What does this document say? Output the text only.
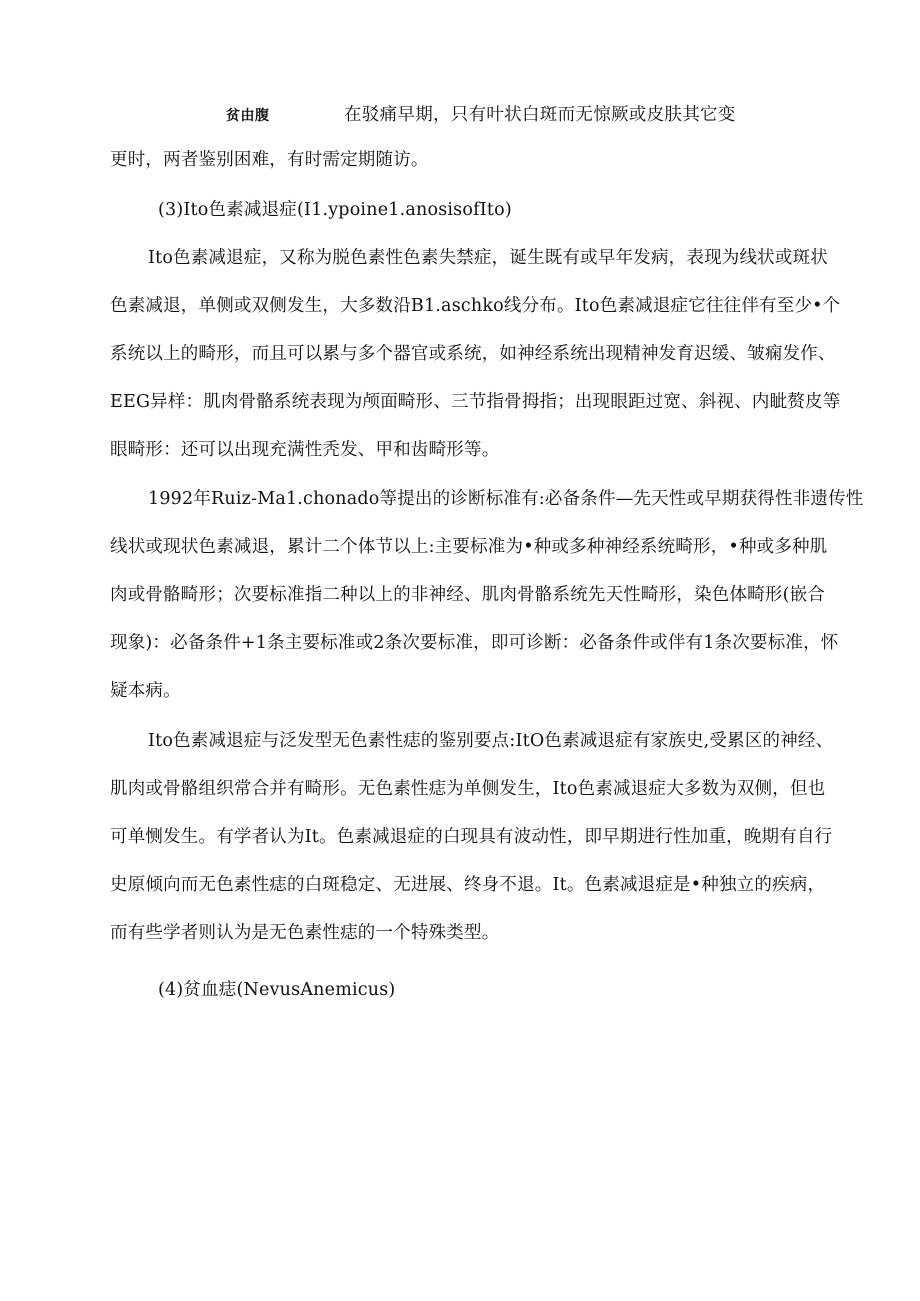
贫由腹	在驳痛早期，只有叶状白斑而无惊厥或皮肤其它变
更时，两者鉴别困难，有时需定期随访。
(3)Ito色素减退症(I1.ypoine1.anosisofIto)
Ito色素减退症，又称为脱色素性色素失禁症，诞生既有或早年发病，表现为线状或斑状
色素减退，单侧或双侧发生，大多数沿B1.aschko线分布。Ito色素减退症它往往伴有至少•个
系统以上的畸形，而且可以累与多个器官或系统，如神经系统出现精神发育迟缓、皱痫发作、
EEG异样：肌肉骨骼系统表现为颅面畸形、三节指骨拇指；出现眼距过宽、斜视、内眦赘皮等
眼畸形：还可以出现充满性秃发、甲和齿畸形等。
1992年Ruiz-Ma1.chonado等提出的诊断标准有:必备条件—先天性或早期获得性非遗传性
线状或现状色素减退，累计二个体节以上:主要标准为•种或多种神经系统畸形，•种或多种肌
肉或骨骼畸形；次要标准指二种以上的非神经、肌肉骨骼系统先天性畸形，染色体畸形(嵌合
现象)：必备条件+1条主要标准或2条次要标准，即可诊断：必备条件或伴有1条次要标准，怀
疑本病。
Ito色素减退症与泛发型无色素性痣的鉴别要点:ItO色素减退症有家族史,受累区的神经、
肌肉或骨骼组织常合并有畸形。无色素性痣为单侧发生，Ito色素减退症大多数为双侧，但也
可单恻发生。有学者认为It。色素减退症的白现具有波动性，即早期进行性加重，晚期有自行
史原倾向而无色素性痣的白斑稳定、无进展、终身不退。It。色素减退症是•种独立的疾病，
而有些学者则认为是无色素性痣的一个特殊类型。
(4)贫血痣(NevusAnemicus)
